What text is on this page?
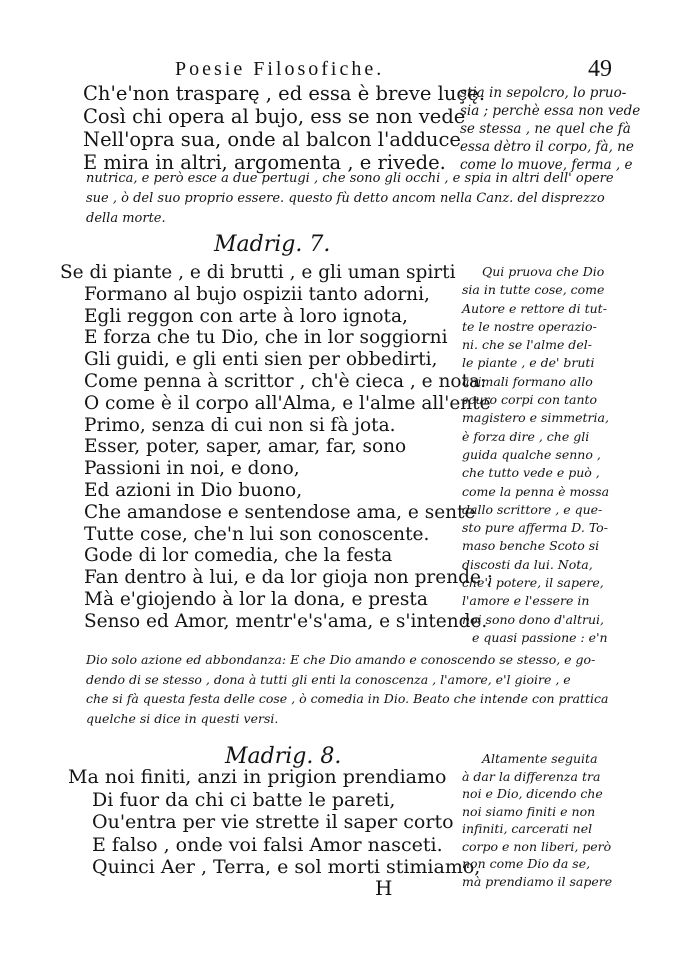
Poesie Filosofiche.	49
Ch'e'non trasparę , ed essa è breve luçę.
Così chi opera al bujo, ess se non vede
Nell'opra sua, onde al balcon l'adduce
E mira in altri, argomenta , e rivede.
stia in sepolcro, lo pruo-
sia ; perchè essa non vede
se stessa , ne quel che fà
essa dètro il corpo, fà, ne
come lo muove, ferma , e
nutrica, e però esce a due pertugi , che sono gli occhi , e spia in altri dell' opere
sue , ò del suo proprio essere. questo fù detto ancom nella Canz. del disprezzo
della morte.
Madrig. 7.
Se di piante , e di brutti , e gli uman spirti
Formano al bujo ospizii tanto adorni,
Egli reggon con arte à loro ignota,
E forza che tu Dio, che in lor soggiorni
Gli guidi, e gli enti sien per obbedirti,
Come penna à scrittor , ch'è cieca , e nota:
O come è il corpo all'Alma, e l'alme all'ente
Primo, senza di cui non si fà jota.
Esser, poter, saper, amar, far, sono
Passioni in noi, e dono,
Ed azioni in Dio buono,
Che amandose e sentendose ama, e sente
Tutte cose, che'n lui son conoscente.
Gode di lor comedia, che la festa
Fan dentro à lui, e da lor gioja non prende ;
Mà e'giojendo à lor la dona, e presta
Senso ed Amor, mentr'e's'ama, e s'intende.
Qui pruova che Dio
sia in tutte cose, come
Autore e rettore di tut-
te le nostre operazio-
ni. che se l'alme del-
le piante , e de' bruti
animali formano allo
scuro corpi con tanto
magistero e simmetria,
è forza dire , che gli
guida qualche senno ,
che tutto vede e può ,
come la penna è mossa
dallo scrittore , e que-
sto pure afferma D. To-
maso benche Scoto si
discosti da lui. Nota,
che'l potere, il sapere,
l'amore e l'essere in
noi sono dono d'altrui,
e quasi passione : e'n
Dio solo azione ed abbondanza: E che Dio amando e conoscendo se stesso, e go-
dendo di se stesso , dona à tutti gli enti la conoscenza , l'amore, e'l gioire , e
che si fà questa festa delle cose , ò comedia in Dio. Beato che intende con prattica
quelche si dice in questi versi.
Madrig. 8.
Ma noi finiti, anzi in prigion prendiamo
Di fuor da chi ci batte le pareti,
Ou'entra per vie strette il saper corto
E falso , onde voi falsi Amor nasceti.
Quinci Aer , Terra, e sol morti stimiamo,
Altamente seguita
à dar la differenza tra
noi e Dio, dicendo che
noi siamo finiti e non
infiniti, carcerati nel
corpo e non liberi, però
non come Dio da se,
mà prendiamo il sapere
H
